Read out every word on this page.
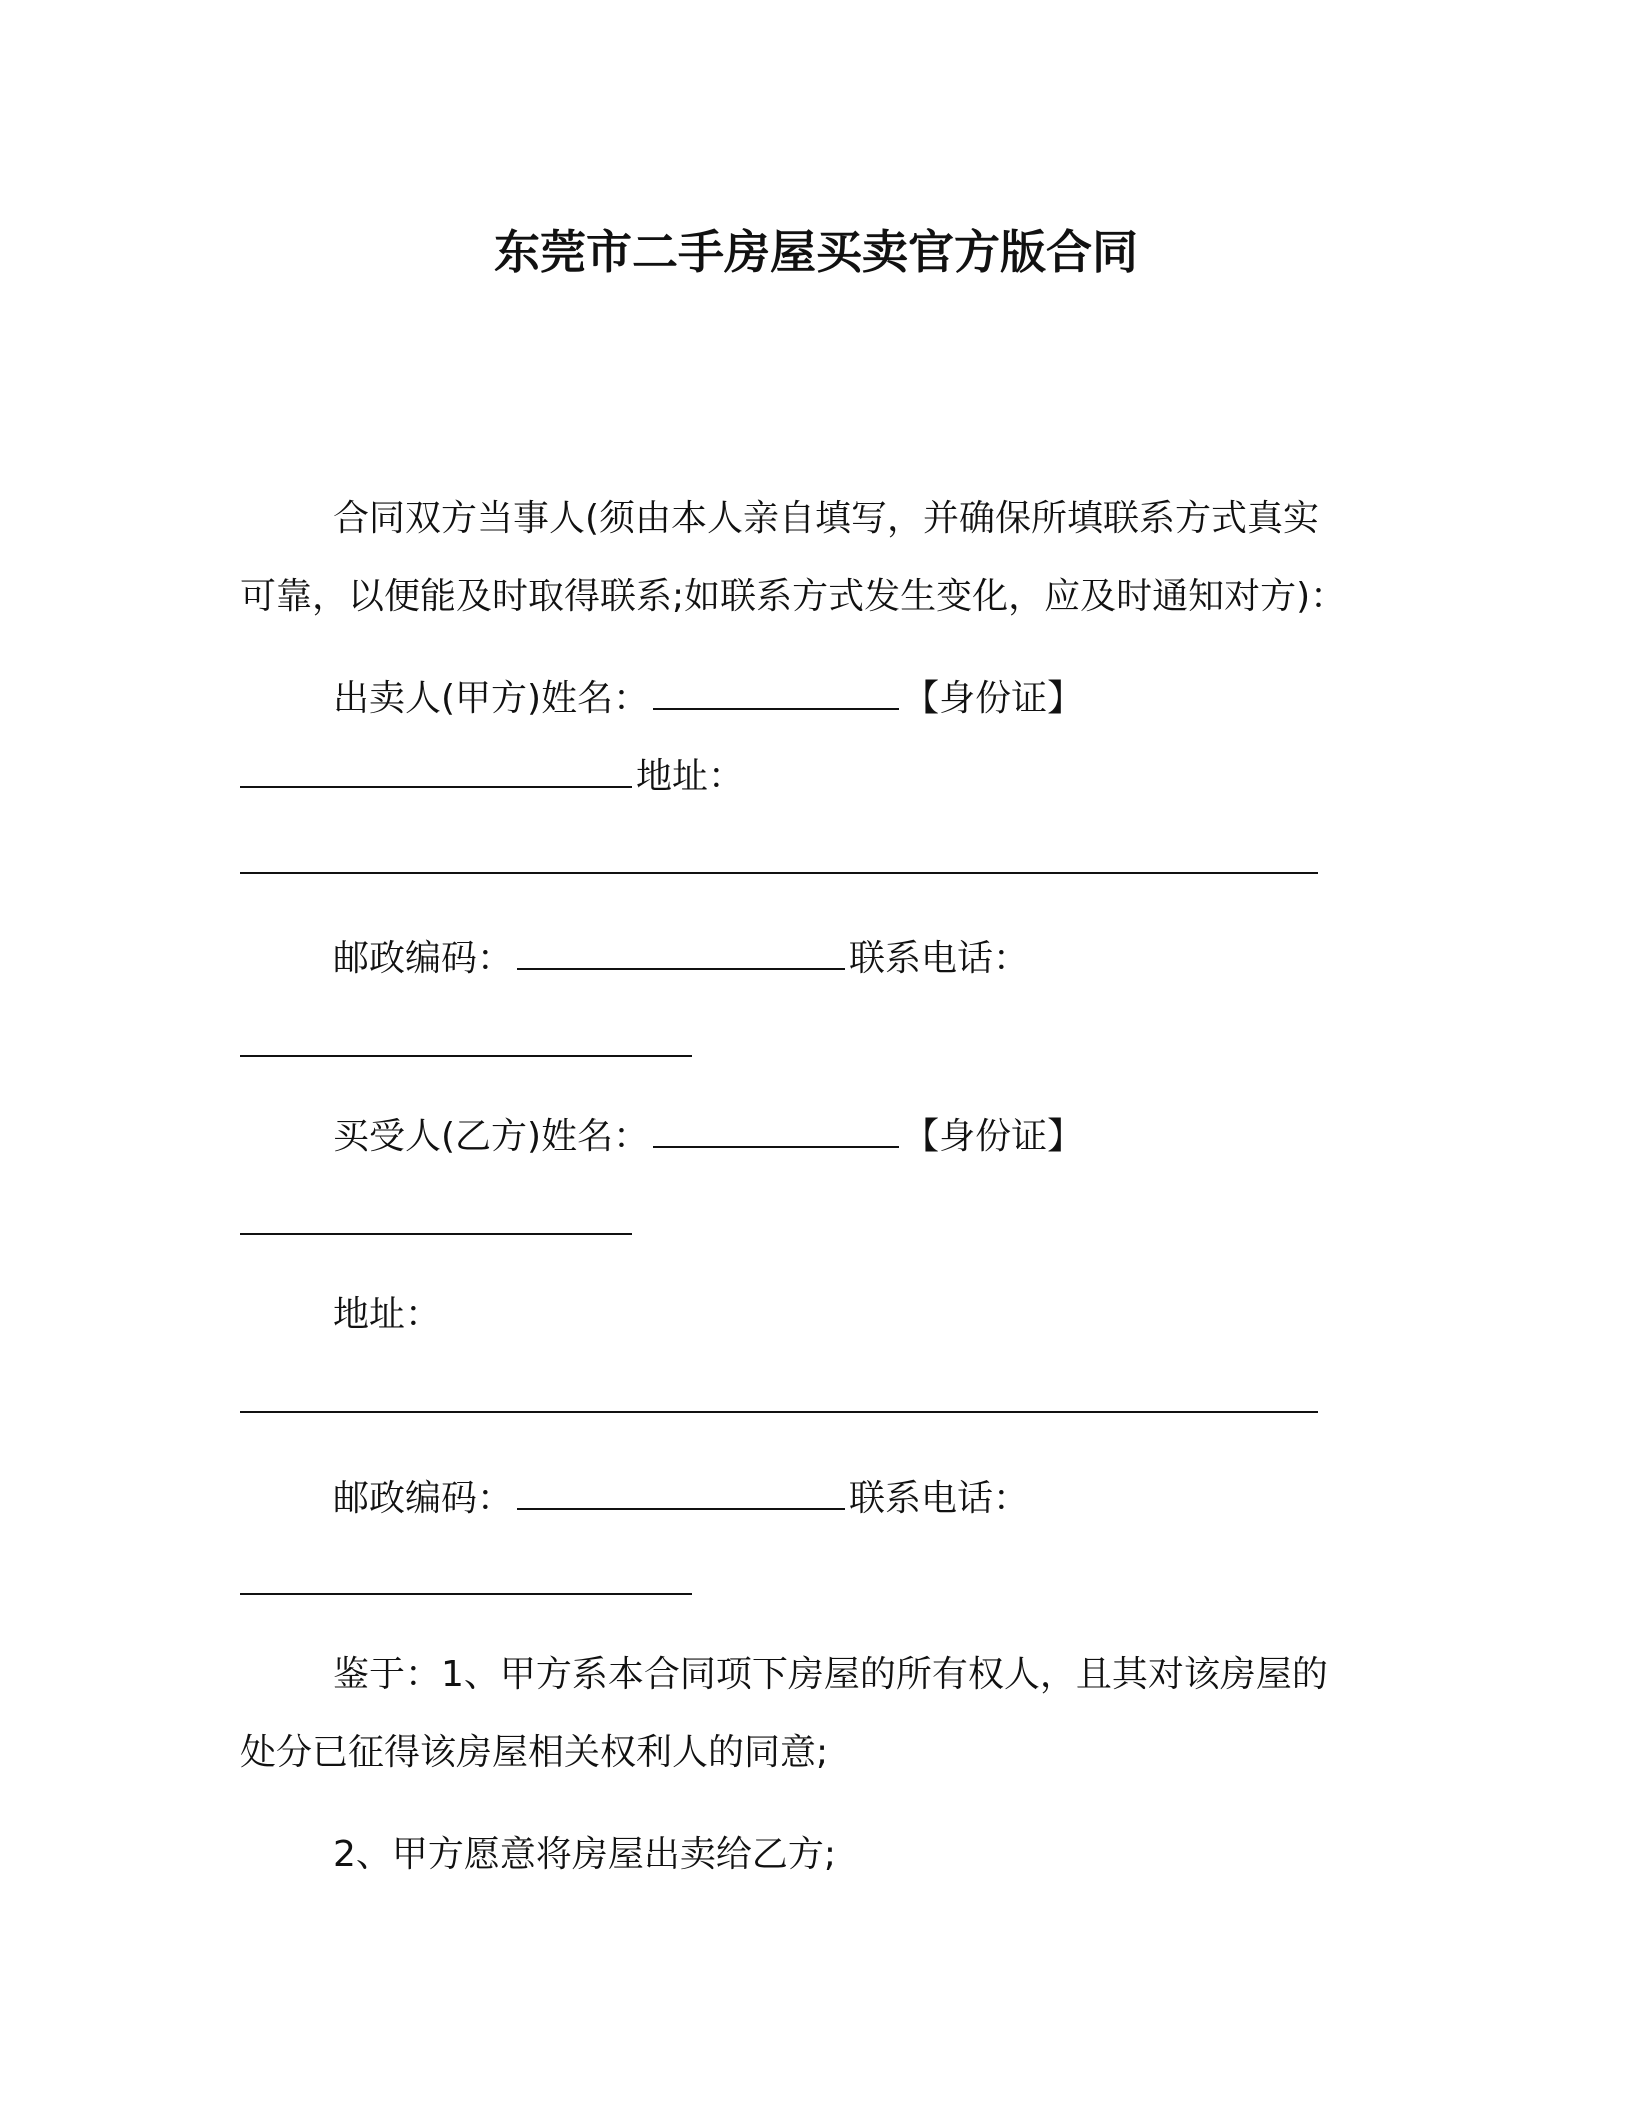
东莞市二手房屋买卖官方版合同
合同双方当事人(须由本人亲自填写，并确保所填联系方式真实
可靠，以便能及时取得联系;如联系方式发生变化，应及时通知对方)：
出卖人(甲方)姓名：	【身份证】
地址：
邮政编码：	联系电话：
买受人(乙方)姓名：	【身份证】
地址：
邮政编码：	联系电话：
鉴于：1、甲方系本合同项下房屋的所有权人，且其对该房屋的
处分已征得该房屋相关权利人的同意;
2、甲方愿意将房屋出卖给乙方;
